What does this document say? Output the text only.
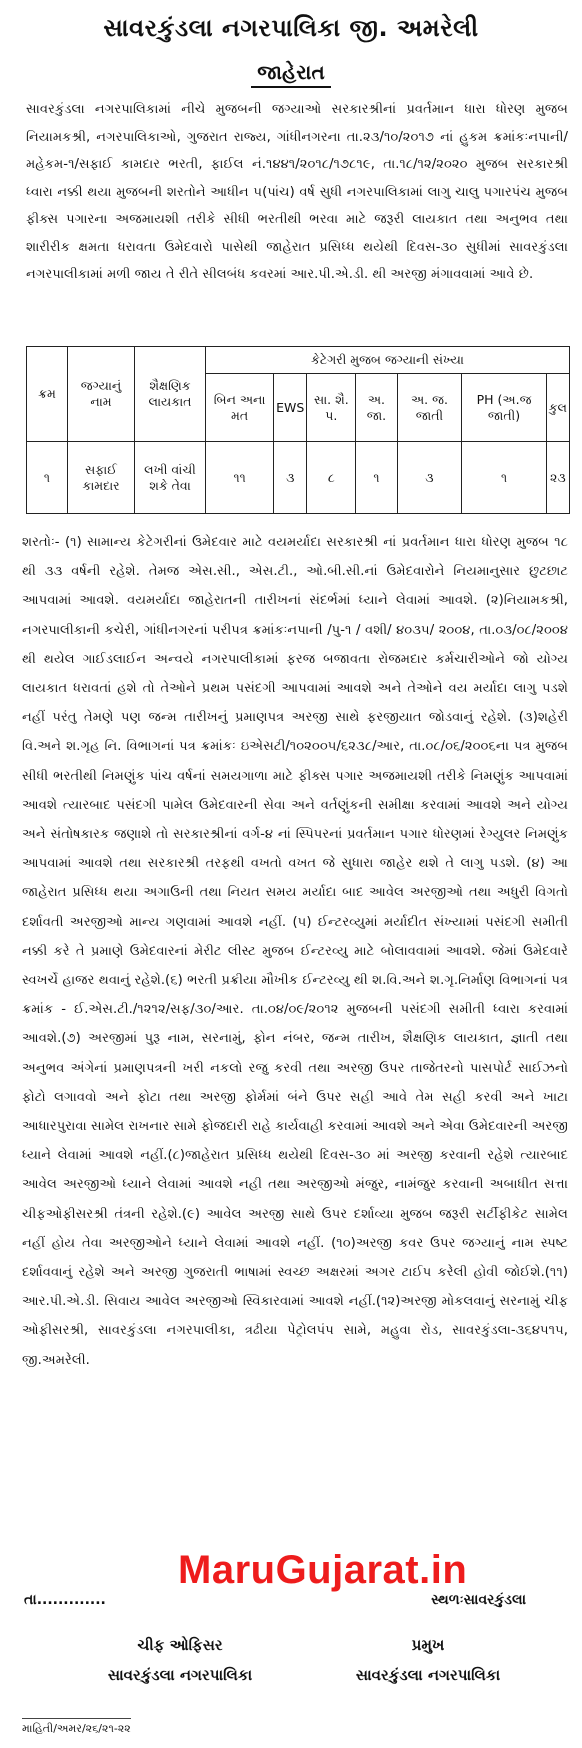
સાવરકુંડલા નગરપાલિકા જી. અમરેલી
જાહેરાત
સાવરકુંડલા નગરપાલિકામાં નીચે મુજબની જગ્યાઓ સરકારશ્રીનાં પ્રવર્તમાન ધારા ધોરણ મુજબ નિયામકશ્રી, નગરપાલિકાઓ, ગુજરાત રાજ્ય, ગાંધીનગરના તા.૨૩/૧૦/૨૦૧૭ નાં હુકમ ક્રમાંકઃનપાની/ મહેકમ-૧/સફાઈ કામદાર ભરતી, ફાઈલ નં.૧૪૪૧/૨૦૧૮/૧૭૮૧૯, તા.૧૮/૧૨/૨૦૨૦ મુજબ સરકારશ્રી ધ્વારા નક્કી થયા મુજબની શરતોને આધીન ૫(પાંચ) વર્ષ સુધી નગરપાલિકામાં લાગુ ચાલુ પગારપંચ મુજબ ફીક્સ પગારના અજમાયશી તરીકે સીધી ભરતીથી ભરવા માટે જરૂરી લાયકાત તથા અનુભવ તથા શારીરીક ક્ષમતા ધરાવતા ઉમેદવારો પાસેથી જાહેરાત પ્રસિધ્ધ થયેથી દિવસ-૩૦ સુધીમાં સાવરકુંડલા નગરપાલીકામાં મળી જાય તે રીતે સીલબંધ કવરમાં આર.પી.એ.ડી. થી અરજી મંગાવવામાં આવે છે.
ક્રમ	જગ્યાનું નામ	શૈક્ષણિક લાયકાત	કેટેગરી મુજબ જગ્યાની સંખ્યા						
			બિન અના મત	EWS	સા. શૈ. પ.	અ. જા.	અ. જ. જાતી	PH (અ.જ જાતી)	કુલ
૧	સફાઈ કામદાર	લખી વાંચી શકે તેવા	૧૧	૩	૮	૧	૩	૧	૨૩
શરતોઃ- (૧) સામાન્ય કેટેગરીનાં ઉમેદવાર માટે વયમર્યાદા સરકારશ્રી નાં પ્રવર્તમાન ધારા ધોરણ મુજબ ૧૮ થી ૩૩ વર્ષની રહેશે. તેમજ એસ.સી., એસ.ટી., ઓ.બી.સી.નાં ઉમેદવારોને નિયમાનુસાર છુટછાટ આપવામાં આવશે. વયમર્યાદા જાહેરાતની તારીખનાં સંદર્ભમાં ધ્યાને લેવામાં આવશે. (૨)નિયામકશ્રી, નગરપાલીકાની કચેરી, ગાંધીનગરનાં પરીપત્ર ક્રમાંકઃનપાની /પુ-૧ / વશી/ ૪૦૩૫/ ૨૦૦૪, તા.૦૩/૦૮/૨૦૦૪ થી થયેલ ગાઈડલાઈન અન્વયે નગરપાલીકામાં ફરજ બજાવતા રોજમદાર કર્મચારીઓને જો યોગ્ય લાયકાત ધરાવતાં હશે તો તેઓને પ્રથમ પસંદગી આપવામાં આવશે અને તેઓને વય મર્યાદા લાગુ પડશે નહીં પરંતુ તેમણે પણ જન્મ તારીખનું પ્રમાણપત્ર અરજી સાથે ફરજીયાત જોડવાનું રહેશે. (૩)શહેરી વિ.અને શ.ગૃહ નિ. વિભાગનાં પત્ર ક્રમાંકઃ ઇએસટી/૧૦૨૦૦૫/૬૨૩૮/આર, તા.૦૮/૦૬/૨૦૦૬ના પત્ર મુજબ સીધી ભરતીથી નિમણુંક પાંચ વર્ષનાં સમયગાળા માટે ફીક્સ પગાર અજમાયશી તરીકે નિમણુંક આપવામાં આવશે ત્યારબાદ પસંદગી પામેલ ઉમેદવારની સેવા અને વર્તણુંકની સમીક્ષા કરવામાં આવશે અને યોગ્ય અને સંતોષકારક જણાશે તો સરકારશ્રીનાં વર્ગ-૪ નાં સ્પિપરનાં પ્રવર્તમાન પગાર ધોરણમાં રેગ્યુલર નિમણુંક આપવામાં આવશે તથા સરકારશ્રી તરફથી વખતો વખત જે સુધારા જાહેર થશે તે લાગુ પડશે. (૪) આ જાહેરાત પ્રસિધ્ધ થયા અગાઉની તથા નિયત સમય મર્યાદા બાદ આવેલ અરજીઓ તથા અધુરી વિગતો દર્શાવતી અરજીઓ માન્ય ગણવામાં આવશે નહીં. (૫) ઈન્ટરવ્યુમાં મર્યાદીત સંખ્યામાં પસંદગી સમીતી નક્કી કરે તે પ્રમાણે ઉમેદવારનાં મેરીટ લીસ્ટ મુજબ ઈન્ટરવ્યુ માટે બોલાવવામાં આવશે. જેમાં ઉમેદવારે સ્વખર્ચે હાજર થવાનું રહેશે.(૬) ભરતી પ્રક્રીયા મૌખીક ઈન્ટરવ્યુ થી શ.વિ.અને શ.ગૃ.નિર્માણ વિભાગનાં પત્ર ક્રમાંક - ઈ.એસ.ટી./૧૨૧૨/સફ/૩૦/આર. તા.૦૪/૦૯/૨૦૧૨ મુજબની પસંદગી સમીતી ધ્વારા કરવામાં આવશે.(૭) અરજીમાં પુરૂ નામ, સરનામું, ફોન નંબર, જન્મ તારીખ, શૈક્ષણિક લાયકાત, જ્ઞાતી તથા અનુભવ અંગેનાં પ્રમાણપત્રની ખરી નકલો રજુ કરવી તથા અરજી ઉપર તાજેતરનો પાસપોર્ટ સાઈઝનો ફોટો લગાવવો અને ફોટા તથા અરજી ફોર્મમાં બંને ઉપર સહી આવે તેમ સહી કરવી અને ખાટા આધારપુરાવા સામેલ રાખનાર સામે ફોજદારી રાહે કાર્યવાહી કરવામાં આવશે અને એવા ઉમેદવારની અરજી ધ્યાને લેવામાં આવશે નહીં.(૮)જાહેરાત પ્રસિધ્ધ થયેથી દિવસ-૩૦ માં અરજી કરવાની રહેશે ત્યારબાદ આવેલ અરજીઓ ધ્યાને લેવામાં આવશે નહી તથા અરજીઓ મંજુર, નામંજુર કરવાની અબાધીત સત્તા ચીફઓફીસરશ્રી તંત્રની રહેશે.(૯) આવેલ અરજી સાથે ઉપર દર્શાવ્યા મુજબ જરૂરી સર્ટીફીકેટ સામેલ નહીં હોય તેવા અરજીઓને ધ્યાને લેવામાં આવશે નહીં. (૧૦)અરજી કવર ઉપર જગ્યાનું નામ સ્પષ્ટ દર્શાવવાનું રહેશે અને અરજી ગુજરાતી ભાષામાં સ્વચ્છ અક્ષરમાં અગર ટાઈપ કરેલી હોવી જોઈશે.(૧૧) આર.પી.એ.ડી. સિવાય આવેલ અરજીઓ સ્વિકારવામાં આવશે નહીં.(૧૨)અરજી મોકલવાનું સરનામું ચીફ ઓફીસરશ્રી, સાવરકુંડલા નગરપાલીકા, ત્રઢીયા પેટ્રોલપંપ સામે, મહુવા રોડ, સાવરકુંડલા-૩૬૪૫૧૫, જી.અમરેલી.
MaruGujarat.in
તા.............	સ્થળઃસાવરકુંડલા
ચીફ ઓફિસર
સાવરકુંડલા નગરપાલિકા
પ્રમુખ
સાવરકુંડલા નગરપાલિકા
માહિતી/અમર/૨૬/૨૧-૨૨
